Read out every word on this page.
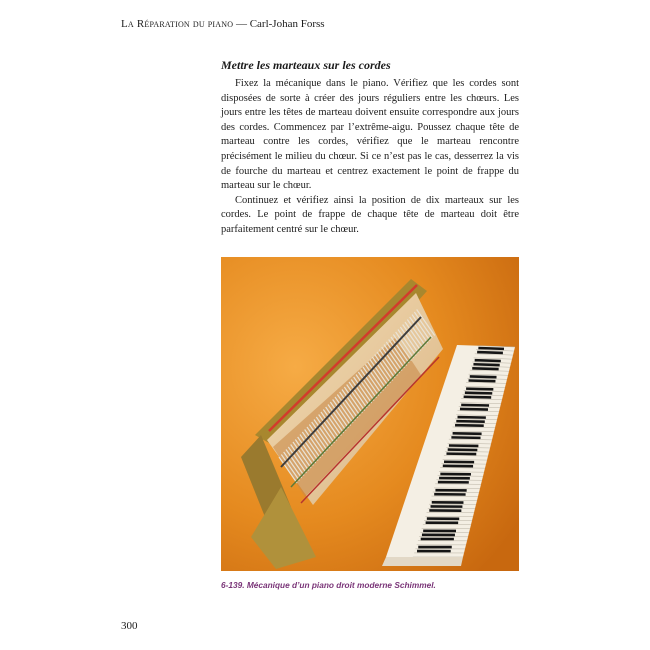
La Réparation du piano — Carl-Johan Forss
Mettre les marteaux sur les cordes

Fixez la mécanique dans le piano. Vérifiez que les cordes sont disposées de sorte à créer des jours réguliers entre les chœurs. Les jours entre les têtes de marteau doivent ensuite correspondre aux jours des cordes. Commencez par l’extrême-aigu. Poussez chaque tête de marteau contre les cordes, vérifiez que le marteau rencontre précisément le milieu du chœur. Si ce n’est pas le cas, desserrez la vis de fourche du marteau et centrez exactement le point de frappe du marteau sur le chœur.

Continuez et vérifiez ainsi la position de dix marteaux sur les cordes. Le point de frappe de chaque tête de marteau doit être parfaitement centré sur le chœur.

6-139. Mécanique d’un piano droit moderne Schimmel.
300
